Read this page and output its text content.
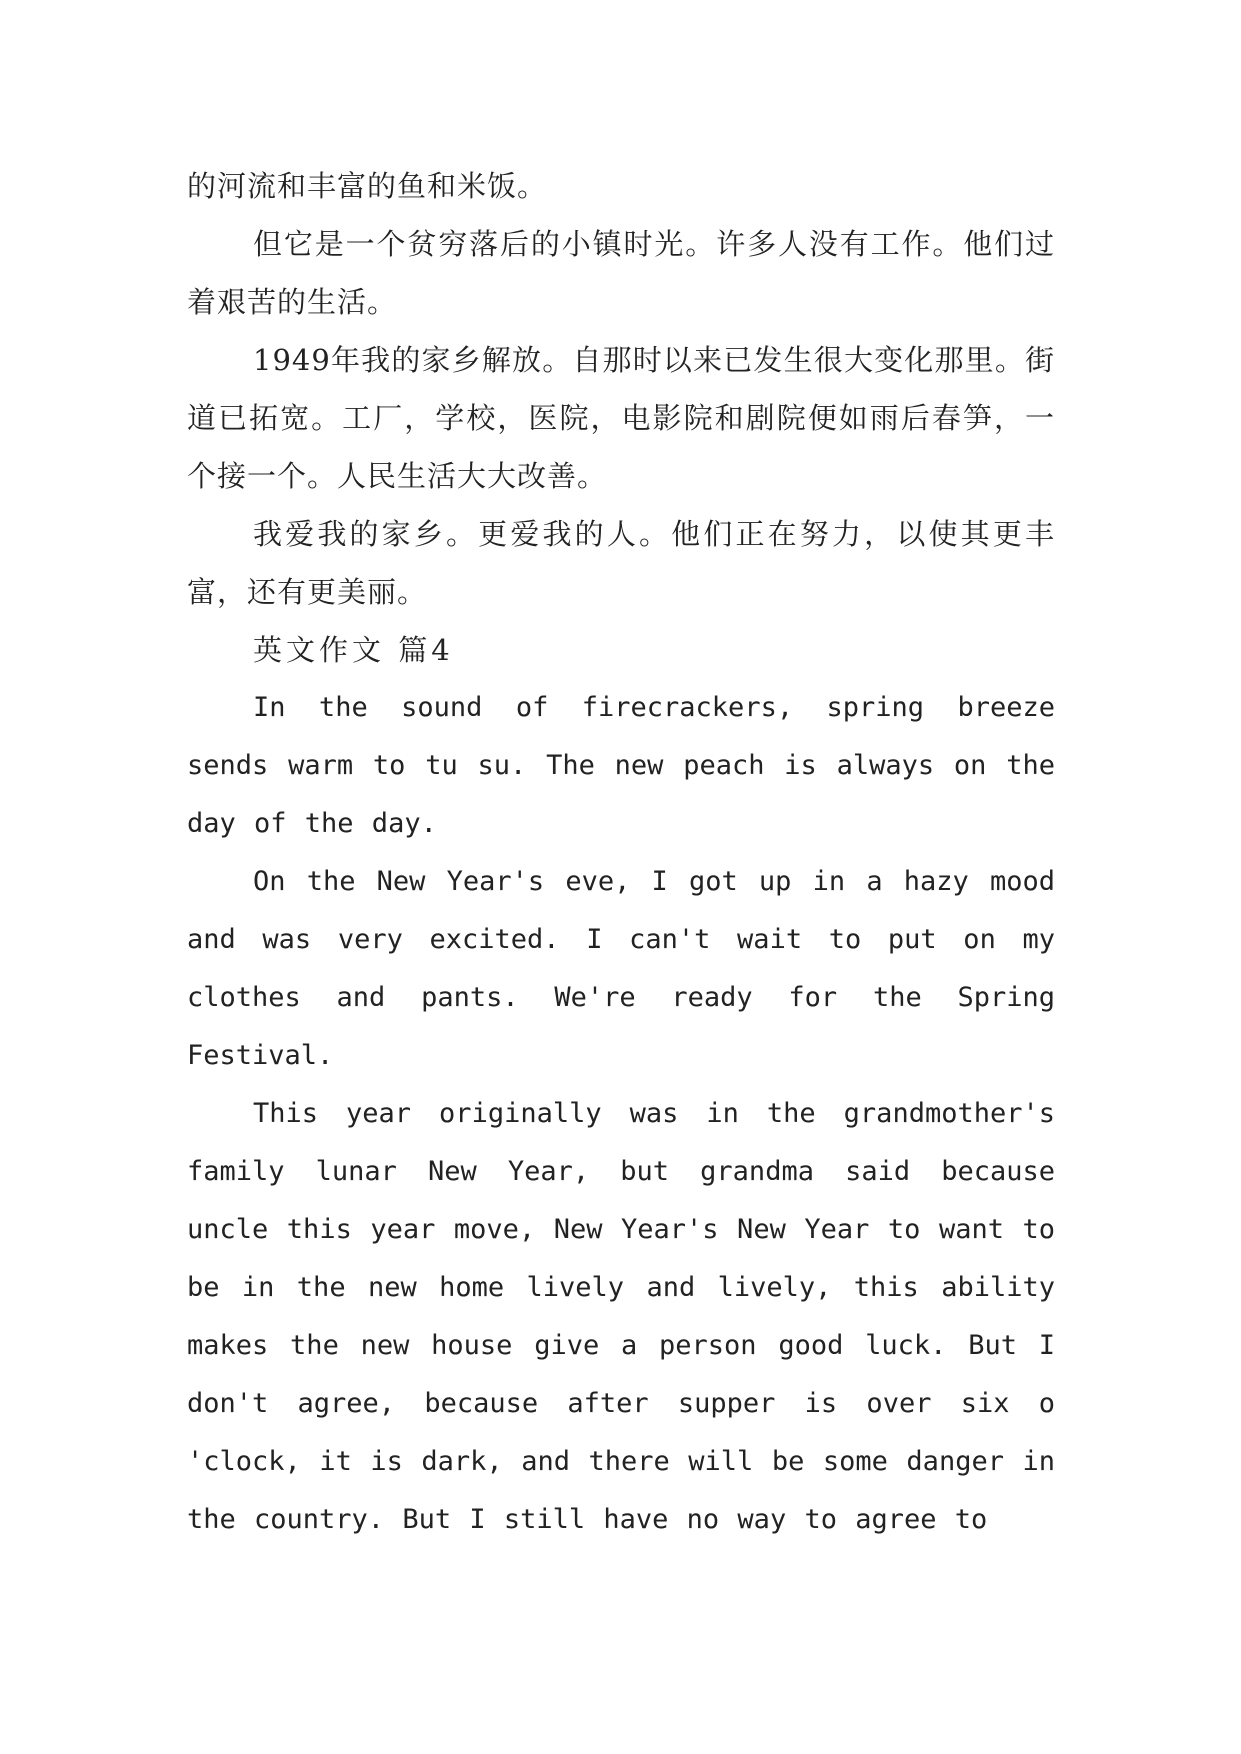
的河流和丰富的鱼和米饭。

但它是一个贫穷落后的小镇时光。许多人没有工作。他们过着艰苦的生活。

1949年我的家乡解放。自那时以来已发生很大变化那里。街道已拓宽。工厂，学校，医院，电影院和剧院便如雨后春笋，一个接一个。人民生活大大改善。

我爱我的家乡。更爱我的人。他们正在努力，以使其更丰富，还有更美丽。

英文作文 篇4

In the sound of firecrackers, spring breeze sends warm to tu su. The new peach is always on the day of the day.

On the New Year's eve, I got up in a hazy mood and was very excited. I can't wait to put on my clothes and pants. We're ready for the Spring Festival.

This year originally was in the grandmother's family lunar New Year, but grandma said because uncle this year move, New Year's New Year to want to be in the new home lively and lively, this ability makes the new house give a person good luck. But I don't agree, because after supper is over six o 'clock, it is dark, and there will be some danger in the country. But I still have no way to agree to
